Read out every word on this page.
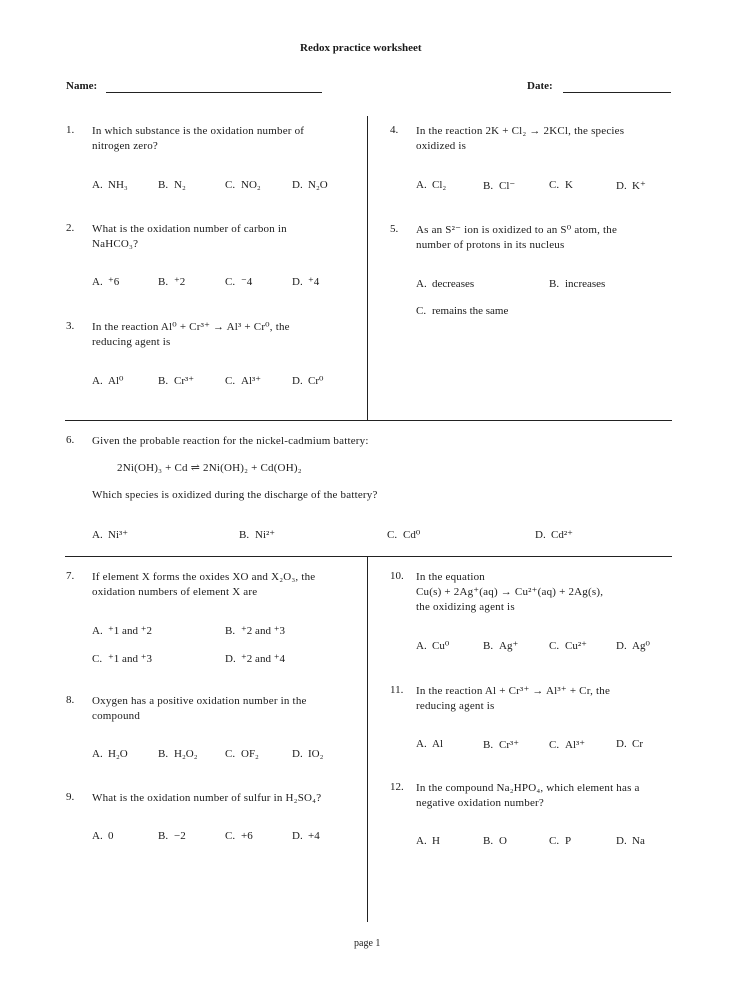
Redox practice worksheet
Name:	Date:
1. In which substance is the oxidation number of
nitrogen zero?
A. NH₃	B. N₂	C. NO₂	D. N₂O
2. What is the oxidation number of carbon in
NaHCO₃?
A. ⁺6	B. ⁺2	C. ⁻4	D. ⁺4
3. In the reaction Al⁰ + Cr³⁺ → Al³ + Cr⁰, the
reducing agent is
A. Al⁰	B. Cr³⁺	C. Al³⁺	D. Cr⁰
4. In the reaction 2K + Cl₂ → 2KCl, the species
oxidized is
A. Cl₂	B. Cl⁻	C. K	D. K⁺
5. As an S²⁻ ion is oxidized to an S⁰ atom, the
number of protons in its nucleus
A. decreases	B. increases
C. remains the same
6. Given the probable reaction for the nickel-cadmium battery:
2Ni(OH)₃ + Cd ⇌ 2Ni(OH)₂ + Cd(OH)₂
Which species is oxidized during the discharge of the battery?
A. Ni³⁺	B. Ni²⁺	C. Cd⁰	D. Cd²⁺
7. If element X forms the oxides XO and X₂O₃, the
oxidation numbers of element X are
A. ⁺1 and ⁺2	B. ⁺2 and ⁺3
C. ⁺1 and ⁺3	D. ⁺2 and ⁺4
8. Oxygen has a positive oxidation number in the
compound
A. H₂O	B. H₂O₂ C. OF₂	D. IO₂
9. What is the oxidation number of sulfur in H₂SO₄?
A. 0	B. −2	C. +6	D. +4
10. In the equation
Cu(s) + 2Ag⁺(aq) → Cu²⁺(aq) + 2Ag(s),
the oxidizing agent is
A. Cu⁰	B. Ag⁺	C. Cu²⁺	D. Ag⁰
11. In the reaction Al + Cr³⁺ → Al³⁺ + Cr, the
reducing agent is
A. Al	B. Cr³⁺	C. Al³⁺	D. Cr
12. In the compound Na₂HPO₄, which element has a
negative oxidation number?
A. H	B. O	C. P	D. Na
page 1
